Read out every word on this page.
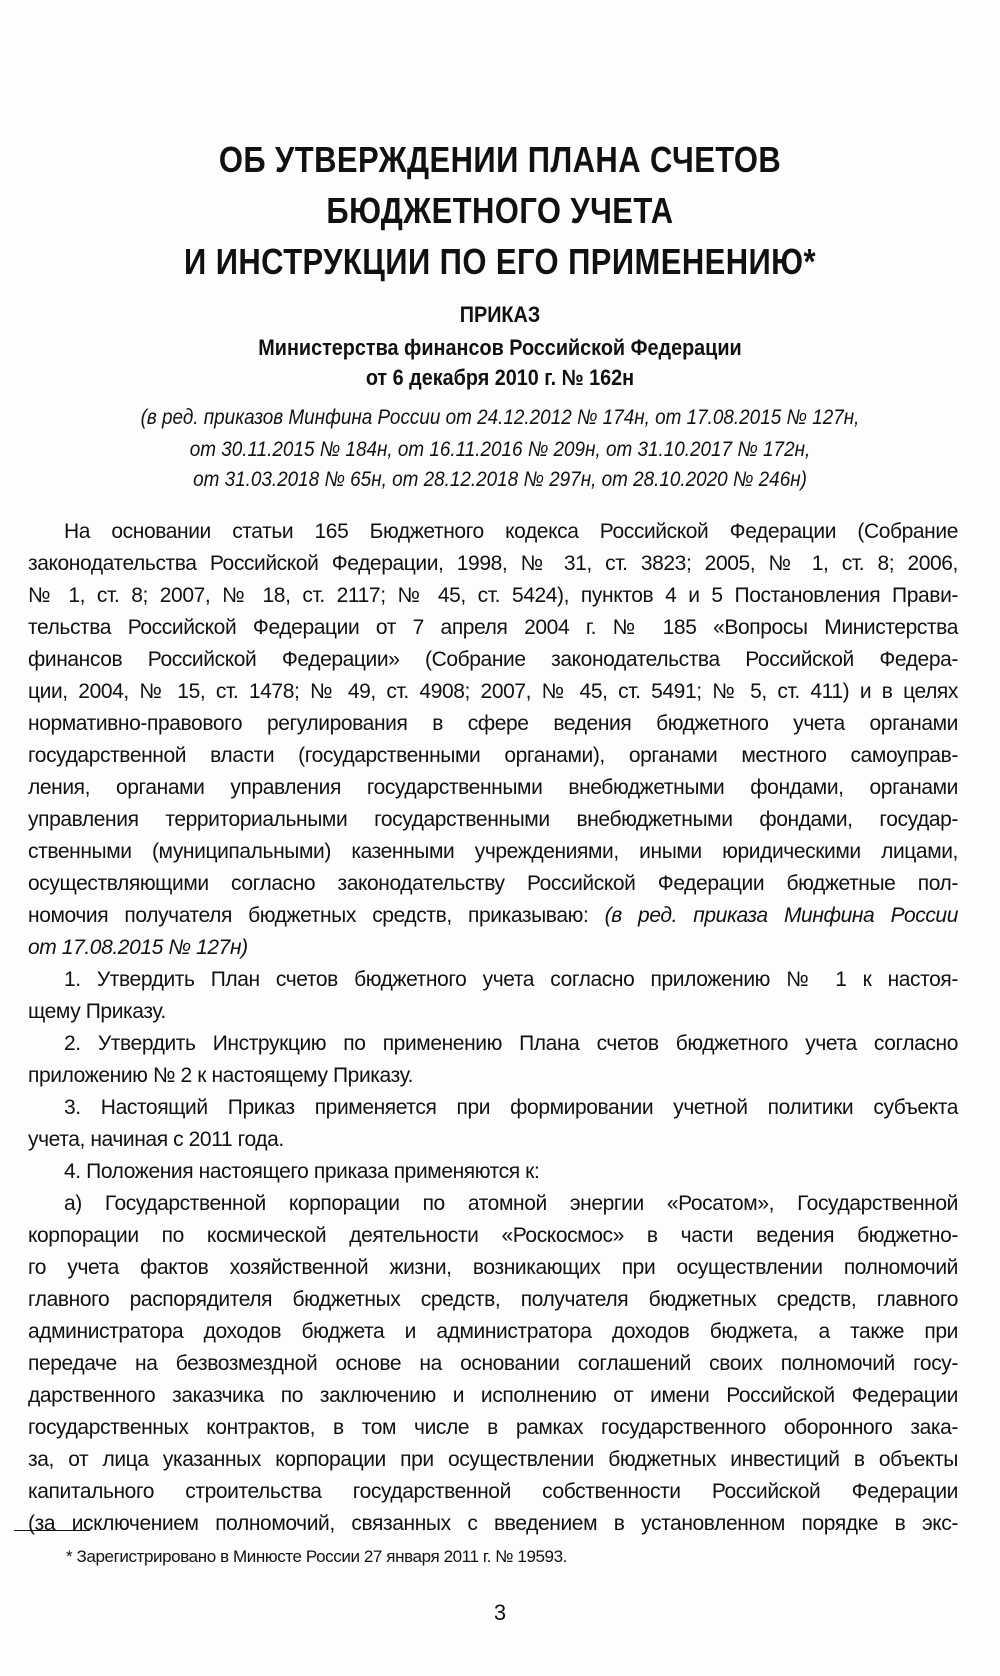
ОБ УТВЕРЖДЕНИИ ПЛАНА СЧЕТОВ
БЮДЖЕТНОГО УЧЕТА
И ИНСТРУКЦИИ ПО ЕГО ПРИМЕНЕНИЮ*
ПРИКАЗ
Министерства финансов Российской Федерации
от 6 декабря 2010 г. № 162н
(в ред. приказов Минфина России от 24.12.2012 № 174н, от 17.08.2015 № 127н,
от 30.11.2015 № 184н, от 16.11.2016 № 209н, от 31.10.2017 № 172н,
от 31.03.2018 № 65н, от 28.12.2018 № 297н, от 28.10.2020 № 246н)
На основании статьи 165 Бюджетного кодекса Российской Федерации (Собрание
законодательства Российской Федерации, 1998, № 31, ст. 3823; 2005, № 1, ст. 8; 2006,
№ 1, ст. 8; 2007, № 18, ст. 2117; № 45, ст. 5424), пунктов 4 и 5 Постановления Прави-
тельства Российской Федерации от 7 апреля 2004 г. № 185 «Вопросы Министерства
финансов Российской Федерации» (Собрание законодательства Российской Федера-
ции, 2004, № 15, ст. 1478; № 49, ст. 4908; 2007, № 45, ст. 5491; № 5, ст. 411) и в целях
нормативно-правового регулирования в сфере ведения бюджетного учета органами
государственной власти (государственными органами), органами местного самоуправ-
ления, органами управления государственными внебюджетными фондами, органами
управления территориальными государственными внебюджетными фондами, государ-
ственными (муниципальными) казенными учреждениями, иными юридическими лицами,
осуществляющими согласно законодательству Российской Федерации бюджетные пол-
номочия получателя бюджетных средств, приказываю: (в ред. приказа Минфина России
от 17.08.2015 № 127н)
1. Утвердить План счетов бюджетного учета согласно приложению № 1 к настоя-
щему Приказу.
2. Утвердить Инструкцию по применению Плана счетов бюджетного учета согласно
приложению № 2 к настоящему Приказу.
3. Настоящий Приказ применяется при формировании учетной политики субъекта
учета, начиная с 2011 года.
4. Положения настоящего приказа применяются к:
а) Государственной корпорации по атомной энергии «Росатом», Государственной
корпорации по космической деятельности «Роскосмос» в части ведения бюджетно-
го учета фактов хозяйственной жизни, возникающих при осуществлении полномочий
главного распорядителя бюджетных средств, получателя бюджетных средств, главного
администратора доходов бюджета и администратора доходов бюджета, а также при
передаче на безвозмездной основе на основании соглашений своих полномочий госу-
дарственного заказчика по заключению и исполнению от имени Российской Федерации
государственных контрактов, в том числе в рамках государственного оборонного зака-
за, от лица указанных корпорации при осуществлении бюджетных инвестиций в объекты
капитального строительства государственной собственности Российской Федерации
(за исключением полномочий, связанных с введением в установленном порядке в экс-
* Зарегистрировано в Минюсте России 27 января 2011 г. № 19593.
3
